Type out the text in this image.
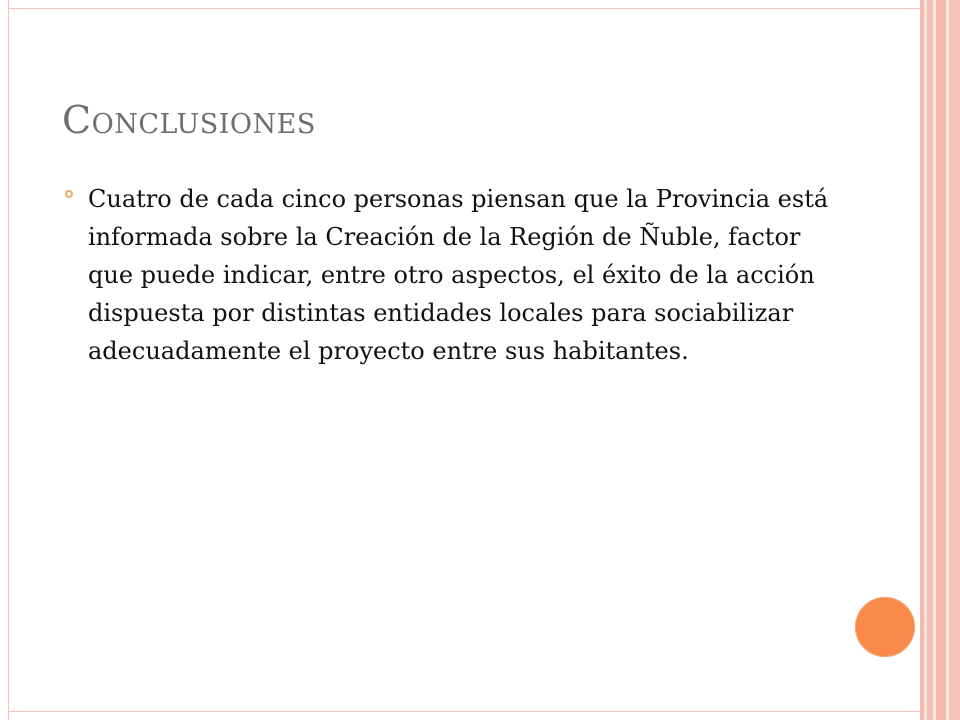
Conclusiones

Cuatro de cada cinco personas piensan que la Provincia está informada sobre la Creación de la Región de Ñuble, factor que puede indicar, entre otro aspectos, el éxito de la acción dispuesta por distintas entidades locales para sociabilizar adecuadamente el proyecto entre sus habitantes.
